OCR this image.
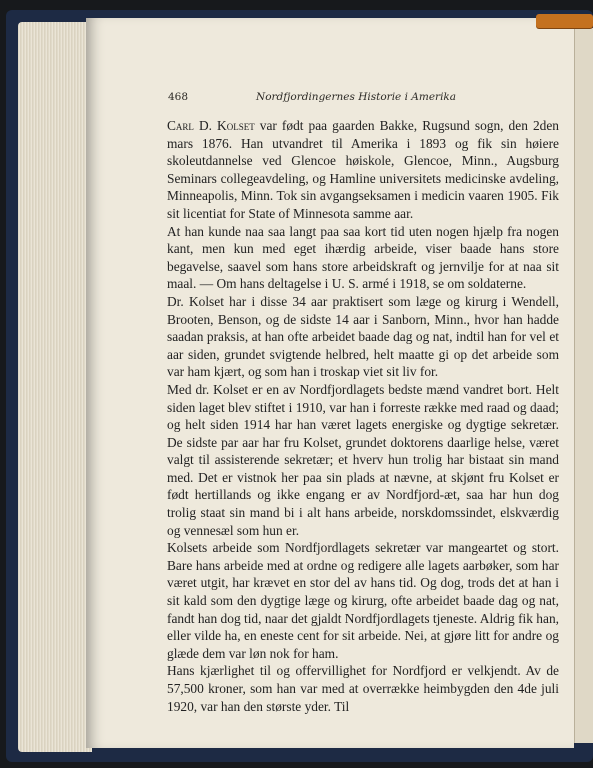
468	Nordfjordingernes Historie i Amerika

Carl D. Kolset var født paa gaarden Bakke, Rugsund sogn, den 2den mars 1876. Han utvandret til Amerika i 1893 og fik sin høiere skoleutdannelse ved Glencoe høiskole, Glencoe, Minn., Augsburg Seminars collegeavdeling, og Hamline universitets medicinske avdeling, Minneapolis, Minn. Tok sin avgangseksamen i medicin vaaren 1905. Fik sit licentiat for State of Minnesota samme aar.

At han kunde naa saa langt paa saa kort tid uten nogen hjælp fra nogen kant, men kun med eget ihærdig arbeide, viser baade hans store begavelse, saavel som hans store arbeidskraft og jernvilje for at naa sit maal. — Om hans deltagelse i U. S. armé i 1918, se om soldaterne.

Dr. Kolset har i disse 34 aar praktisert som læge og kirurg i Wendell, Brooten, Benson, og de sidste 14 aar i Sanborn, Minn., hvor han hadde saadan praksis, at han ofte arbeidet baade dag og nat, indtil han for vel et aar siden, grundet svigtende helbred, helt maatte gi op det arbeide som var ham kjært, og som han i troskap viet sit liv for.

Med dr. Kolset er en av Nordfjordlagets bedste mænd vandret bort. Helt siden laget blev stiftet i 1910, var han i forreste række med raad og daad; og helt siden 1914 har han været lagets energiske og dygtige sekretær. De sidste par aar har fru Kolset, grundet doktorens daarlige helse, været valgt til assisterende sekretær; et hverv hun trolig har bistaat sin mand med. Det er vistnok her paa sin plads at nævne, at skjønt fru Kolset er født hertillands og ikke engang er av Nordfjord-æt, saa har hun dog trolig staat sin mand bi i alt hans arbeide, norskdomssindet, elskværdig og vennesæl som hun er.

Kolsets arbeide som Nordfjordlagets sekretær var mangeartet og stort. Bare hans arbeide med at ordne og redigere alle lagets aarbøker, som har været utgit, har krævet en stor del av hans tid. Og dog, trods det at han i sit kald som den dygtige læge og kirurg, ofte arbeidet baade dag og nat, fandt han dog tid, naar det gjaldt Nordfjordlagets tjeneste. Aldrig fik han, eller vilde ha, en eneste cent for sit arbeide. Nei, at gjøre litt for andre og glæde dem var løn nok for ham.

Hans kjærlighet til og offervillighet for Nordfjord er velkjendt. Av de 57,500 kroner, som han var med at overrække heimbygden den 4de juli 1920, var han den største yder. Til
